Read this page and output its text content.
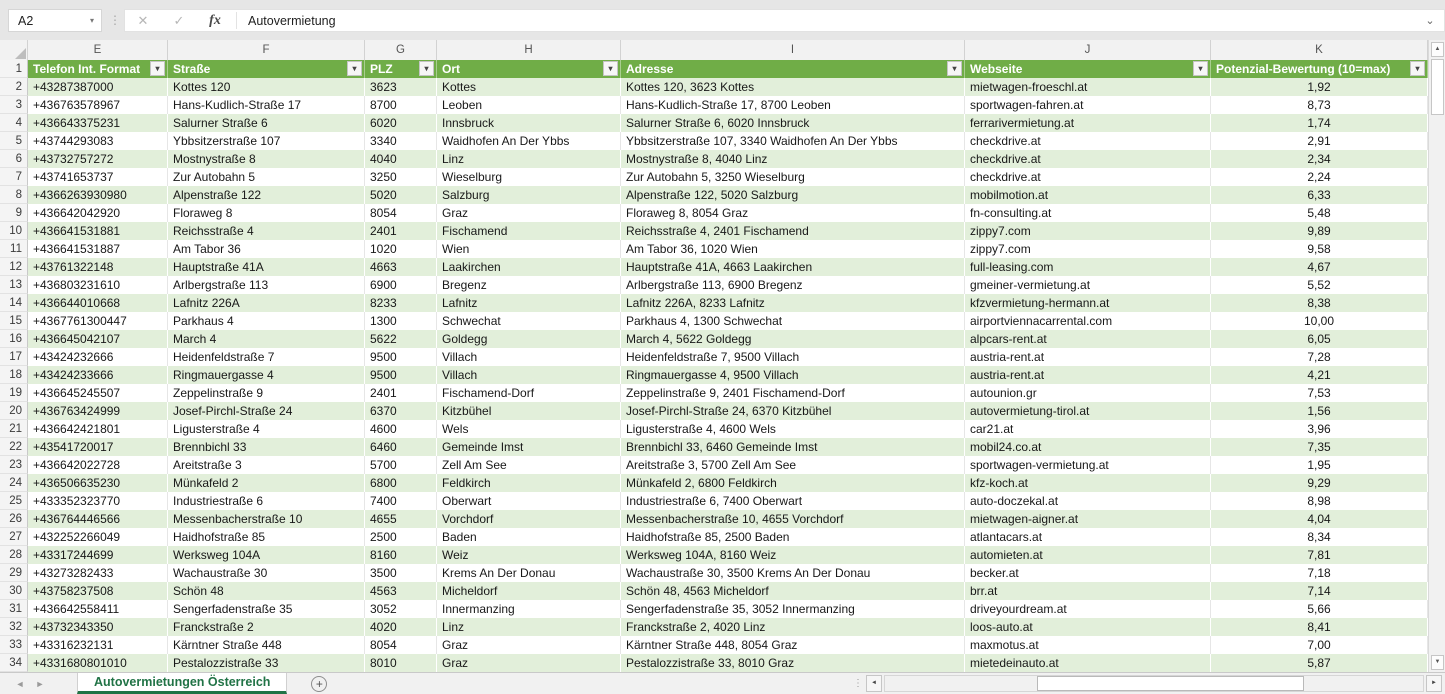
A2	▾ ⋮	✕	✓	fx	Autovermietung	⌄
E	F	G	H	I	J	K
1 Telefon Int. Format	▾	Straße	▾	PLZ	▾	Ort	▾	Adresse	▾	Webseite	▾	Potenzial-Bewertung (10=max)	▾
2 +43287387000	Kottes 120	3623	Kottes	Kottes 120, 3623 Kottes	mietwagen-froeschl.at	1,92
3 +436763578967	Hans-Kudlich-Straße 17	8700	Leoben	Hans-Kudlich-Straße 17, 8700 Leoben	sportwagen-fahren.at	8,73
4 +436643375231	Salurner Straße 6	6020	Innsbruck	Salurner Straße 6, 6020 Innsbruck	ferrarivermietung.at	1,74
5 +43744293083	Ybbsitzerstraße 107	3340	Waidhofen An Der Ybbs	Ybbsitzerstraße 107, 3340 Waidhofen An Der Ybbs	checkdrive.at	2,91
6 +43732757272	Mostnystraße 8	4040	Linz	Mostnystraße 8, 4040 Linz	checkdrive.at	2,34
7 +43741653737	Zur Autobahn 5	3250	Wieselburg	Zur Autobahn 5, 3250 Wieselburg	checkdrive.at	2,24
8 +4366263930980	Alpenstraße 122	5020	Salzburg	Alpenstraße 122, 5020 Salzburg	mobilmotion.at	6,33
9 +436642042920	Floraweg 8	8054	Graz	Floraweg 8, 8054 Graz	fn-consulting.at	5,48
10 +436641531881	Reichsstraße 4	2401	Fischamend	Reichsstraße 4, 2401 Fischamend	zippy7.com	9,89
11 +436641531887	Am Tabor 36	1020	Wien	Am Tabor 36, 1020 Wien	zippy7.com	9,58
12 +43761322148	Hauptstraße 41A	4663	Laakirchen	Hauptstraße 41A, 4663 Laakirchen	full-leasing.com	4,67
13 +436803231610	Arlbergstraße 113	6900	Bregenz	Arlbergstraße 113, 6900 Bregenz	gmeiner-vermietung.at	5,52
14 +436644010668	Lafnitz 226A	8233	Lafnitz	Lafnitz 226A, 8233 Lafnitz	kfzvermietung-hermann.at	8,38
15 +4367761300447	Parkhaus 4	1300	Schwechat	Parkhaus 4, 1300 Schwechat	airportviennacarrental.com	10,00
16 +436645042107	March 4	5622	Goldegg	March 4, 5622 Goldegg	alpcars-rent.at	6,05
17 +43424232666	Heidenfeldstraße 7	9500	Villach	Heidenfeldstraße 7, 9500 Villach	austria-rent.at	7,28
18 +43424233666	Ringmauergasse 4	9500	Villach	Ringmauergasse 4, 9500 Villach	austria-rent.at	4,21
19 +436645245507	Zeppelinstraße 9	2401	Fischamend-Dorf	Zeppelinstraße 9, 2401 Fischamend-Dorf	autounion.gr	7,53
20 +436763424999	Josef-Pirchl-Straße 24	6370	Kitzbühel	Josef-Pirchl-Straße 24, 6370 Kitzbühel	autovermietung-tirol.at	1,56
21 +436642421801	Ligusterstraße 4	4600	Wels	Ligusterstraße 4, 4600 Wels	car21.at	3,96
22 +43541720017	Brennbichl 33	6460	Gemeinde Imst	Brennbichl 33, 6460 Gemeinde Imst	mobil24.co.at	7,35
23 +436642022728	Areitstraße 3	5700	Zell Am See	Areitstraße 3, 5700 Zell Am See	sportwagen-vermietung.at	1,95
24 +436506635230	Münkafeld 2	6800	Feldkirch	Münkafeld 2, 6800 Feldkirch	kfz-koch.at	9,29
25 +433352323770	Industriestraße 6	7400	Oberwart	Industriestraße 6, 7400 Oberwart	auto-doczekal.at	8,98
26 +436764446566	Messenbacherstraße 10	4655	Vorchdorf	Messenbacherstraße 10, 4655 Vorchdorf	mietwagen-aigner.at	4,04
27 +432252266049	Haidhofstraße 85	2500	Baden	Haidhofstraße 85, 2500 Baden	atlantacars.at	8,34
28 +43317244699	Werksweg 104A	8160	Weiz	Werksweg 104A, 8160 Weiz	automieten.at	7,81
29 +43273282433	Wachaustraße 30	3500	Krems An Der Donau	Wachaustraße 30, 3500 Krems An Der Donau	becker.at	7,18
30 +43758237508	Schön 48	4563	Micheldorf	Schön 48, 4563 Micheldorf	brr.at	7,14
31 +436642558411	Sengerfadenstraße 35	3052	Innermanzing	Sengerfadenstraße 35, 3052 Innermanzing	driveyourdream.at	5,66
32 +43732343350	Franckstraße 2	4020	Linz	Franckstraße 2, 4020 Linz	loos-auto.at	8,41
33 +43316232131	Kärntner Straße 448	8054	Graz	Kärntner Straße 448, 8054 Graz	maxmotus.at	7,00
34 +4331680801010	Pestalozzistraße 33	8010	Graz	Pestalozzistraße 33, 8010 Graz	mietedeinauto.at	5,87
▲
▼
◄	►	Autovermietungen Österreich	+	⋮	◄	►
